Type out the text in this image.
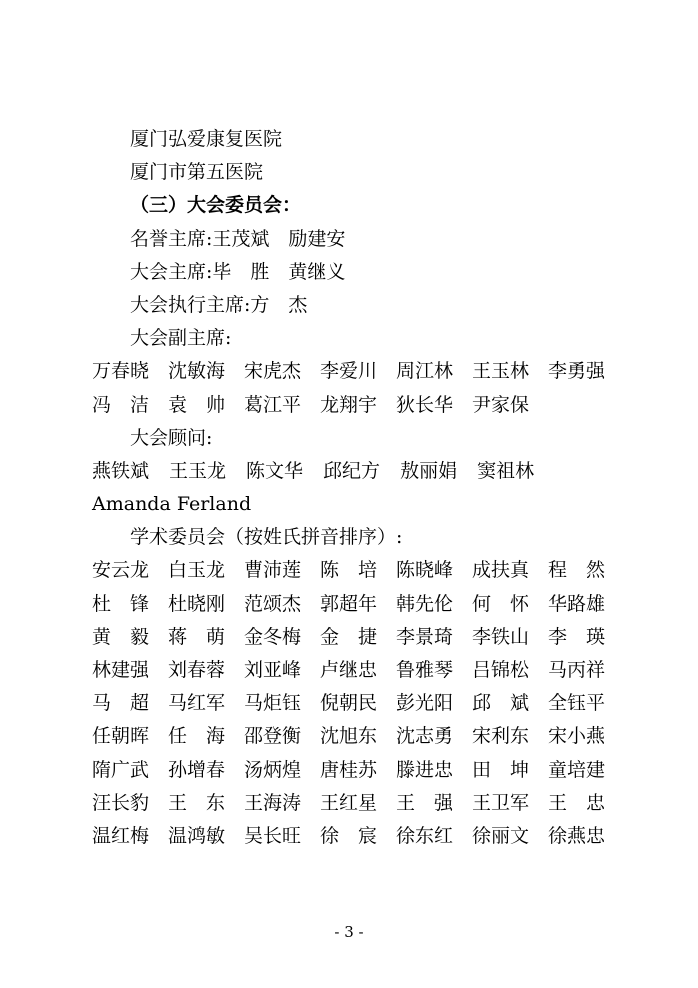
厦门弘爱康复医院
厦门市第五医院
（三）大会委员会：
名誉主席:王茂斌 励建安
大会主席:毕　胜 黄继义
大会执行主席:方　杰
大会副主席:
万春晓 沈敏海 宋虎杰 李爱川 周江林 王玉林 李勇强
冯　洁 袁　帅 葛江平 龙翔宇 狄长华 尹家保
大会顾问:
燕铁斌 王玉龙 陈文华 邱纪方 敖丽娟 窦祖林Amanda Ferland
学术委员会（按姓氏拼音排序）:
安云龙 白玉龙 曹沛莲 陈　培 陈晓峰 成扶真 程　然
杜　锋 杜晓刚 范颂杰 郭超年 韩先伦 何　怀 华路雄
黄　毅 蒋　萌 金冬梅 金　捷 李景琦 李铁山 李　瑛
林建强 刘春蓉 刘亚峰 卢继忠 鲁雅琴 吕锦松 马丙祥
马　超 马红军 马炬钰 倪朝民 彭光阳 邱　斌 全钰平
任朝晖 任　海 邵登衡 沈旭东 沈志勇 宋利东 宋小燕
隋广武 孙增春 汤炳煌 唐桂苏 滕进忠 田　坤 童培建
汪长豹 王　东 王海涛 王红星 王　强 王卫军 王　忠
温红梅 温鸿敏 吴长旺 徐　宸 徐东红 徐丽文 徐燕忠
- 3 -
